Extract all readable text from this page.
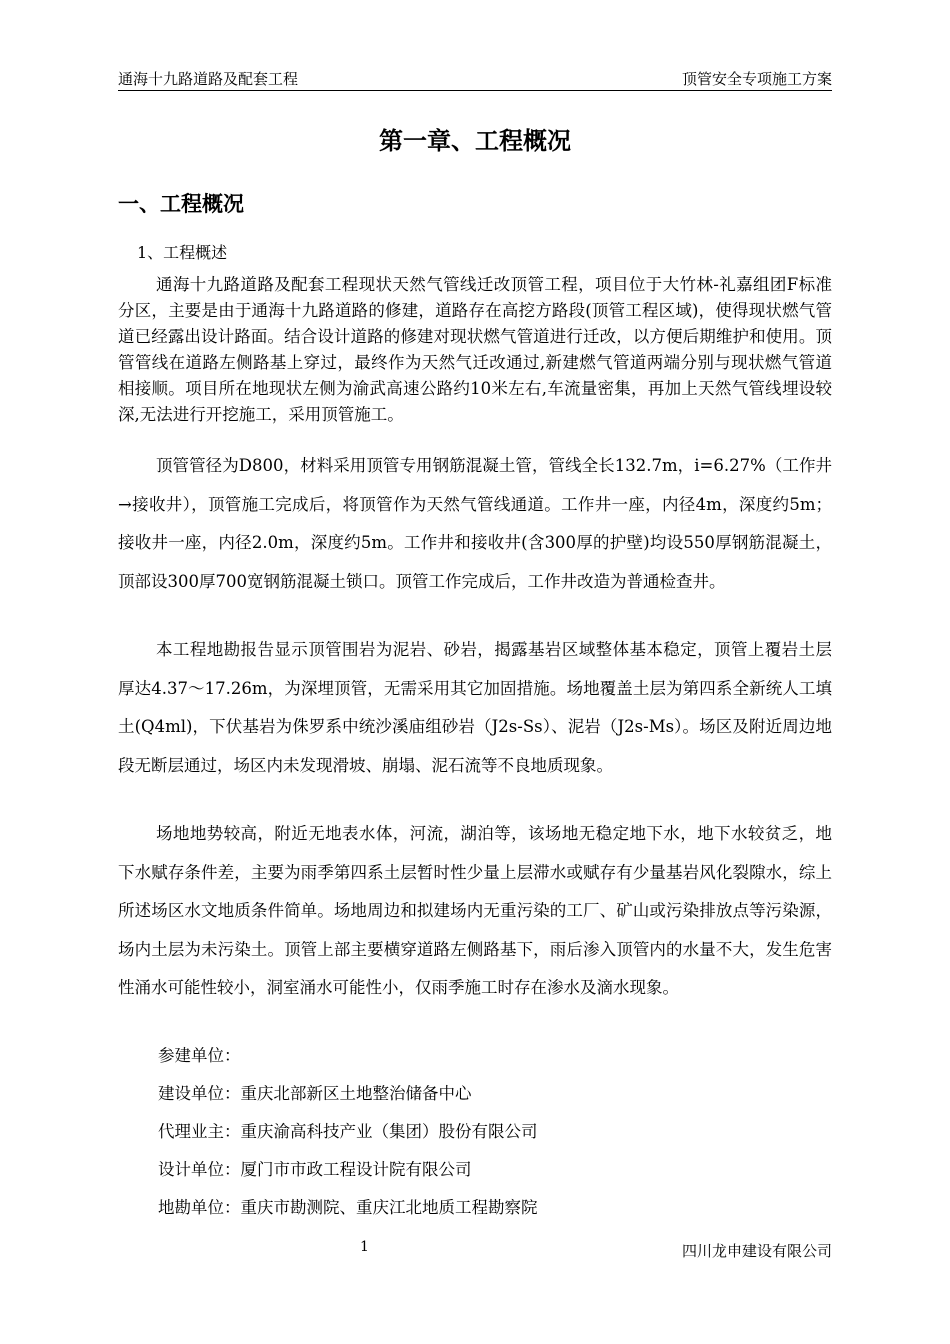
通海十九路道路及配套工程	顶管安全专项施工方案
第一章、工程概况
一、工程概况
1、工程概述

通海十九路道路及配套工程现状天然气管线迁改顶管工程，项目位于大竹林-礼嘉组团F标准分区，主要是由于通海十九路道路的修建，道路存在高挖方路段(顶管工程区域)，使得现状燃气管道已经露出设计路面。结合设计道路的修建对现状燃气管道进行迁改，以方便后期维护和使用。顶管管线在道路左侧路基上穿过，最终作为天然气迁改通过,新建燃气管道两端分别与现状燃气管道相接顺。项目所在地现状左侧为渝武高速公路约10米左右,车流量密集，再加上天然气管线埋设较深,无法进行开挖施工，采用顶管施工。

顶管管径为D800，材料采用顶管专用钢筋混凝土管，管线全长132.7m，i=6.27%（工作井→接收井），顶管施工完成后，将顶管作为天然气管线通道。工作井一座，内径4m，深度约5m；接收井一座，内径2.0m，深度约5m。工作井和接收井(含300厚的护壁)均设550厚钢筋混凝土，顶部设300厚700宽钢筋混凝土锁口。顶管工作完成后，工作井改造为普通检查井。

本工程地勘报告显示顶管围岩为泥岩、砂岩，揭露基岩区域整体基本稳定，顶管上覆岩土层厚达4.37～17.26m，为深埋顶管，无需采用其它加固措施。场地覆盖土层为第四系全新统人工填土(Q4ml)，下伏基岩为侏罗系中统沙溪庙组砂岩（J2s-Ss）、泥岩（J2s-Ms）。场区及附近周边地段无断层通过，场区内未发现滑坡、崩塌、泥石流等不良地质现象。

场地地势较高，附近无地表水体，河流，湖泊等，该场地无稳定地下水，地下水较贫乏，地下水赋存条件差，主要为雨季第四系土层暂时性少量上层滞水或赋存有少量基岩风化裂隙水，综上所述场区水文地质条件简单。场地周边和拟建场内无重污染的工厂、矿山或污染排放点等污染源，场内土层为未污染土。顶管上部主要横穿道路左侧路基下，雨后渗入顶管内的水量不大，发生危害性涌水可能性较小，洞室涌水可能性小，仅雨季施工时存在渗水及滴水现象。

参建单位：
建设单位：重庆北部新区土地整治储备中心
代理业主：重庆渝高科技产业（集团）股份有限公司
设计单位：厦门市市政工程设计院有限公司
地勘单位：重庆市勘测院、重庆江北地质工程勘察院
1	四川龙申建设有限公司
